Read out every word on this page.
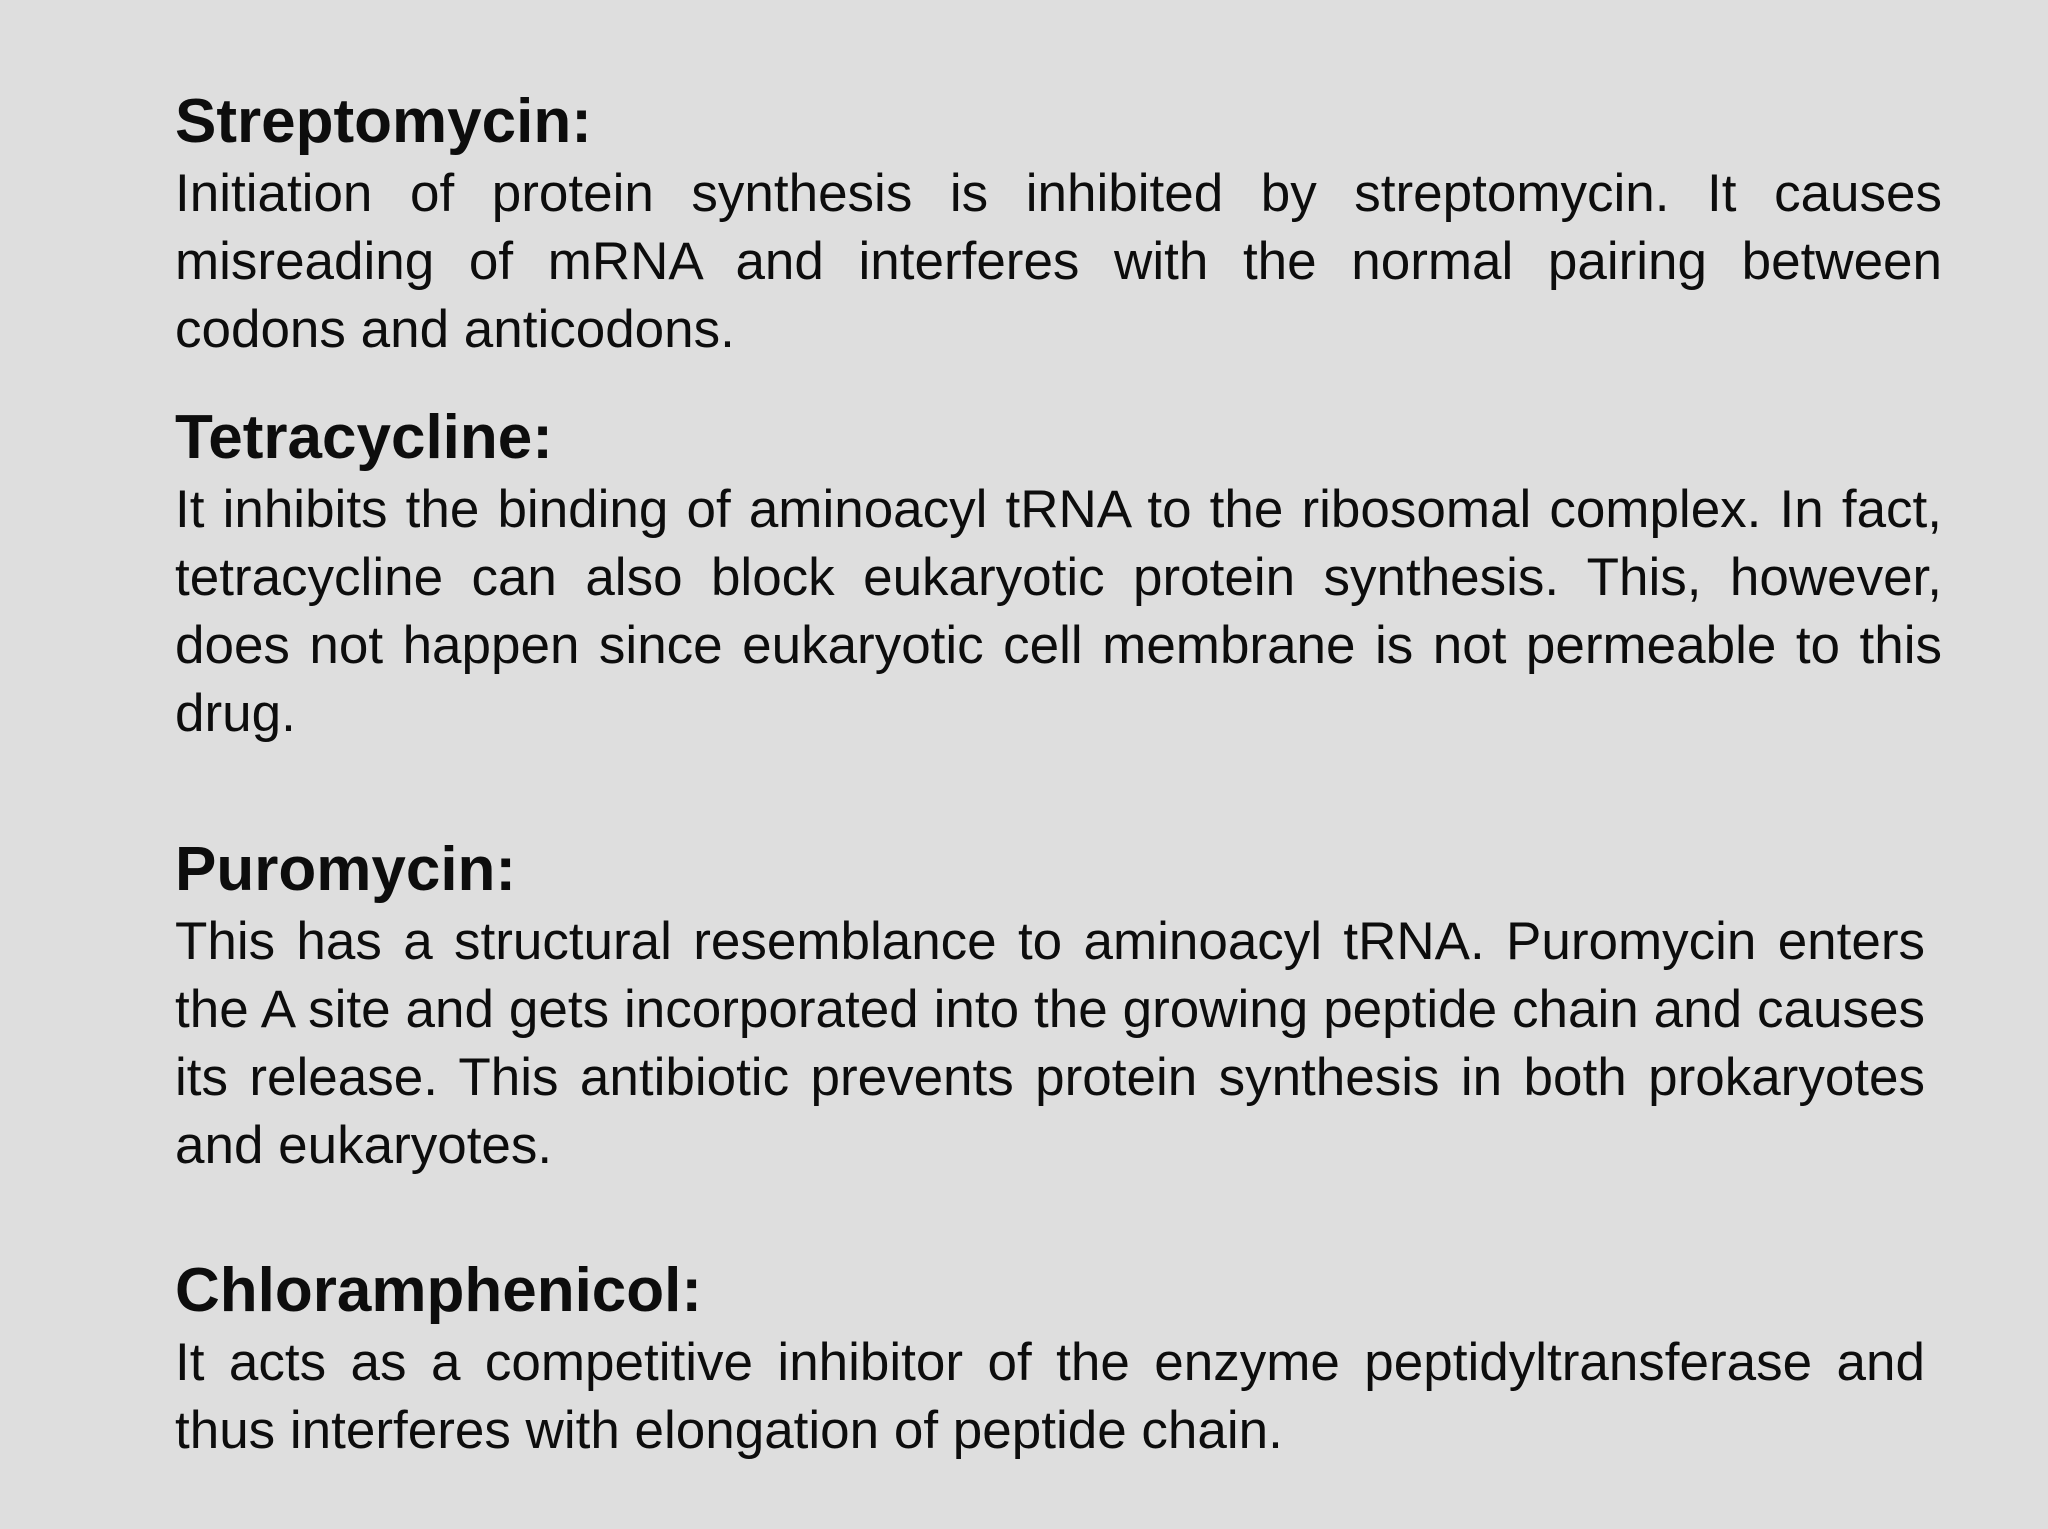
Streptomycin:

Initiation of protein synthesis is inhibited by streptomycin. It causes misreading of mRNA and interferes with the normal pairing between codons and anticodons.

Tetracycline:

It inhibits the binding of aminoacyl tRNA to the ribosomal complex. In fact, tetracycline can also block eukaryotic protein synthesis. This, however, does not happen since eukaryotic cell membrane is not permeable to this drug.

Puromycin:

This has a structural resemblance to aminoacyl tRNA. Puromycin enters the A site and gets incorporated into the growing peptide chain and causes its release. This antibiotic prevents protein synthesis in both prokaryotes and eukaryotes.

Chloramphenicol:

It acts as a competitive inhibitor of the enzyme peptidyltransferase and thus interferes with elongation of peptide chain.
